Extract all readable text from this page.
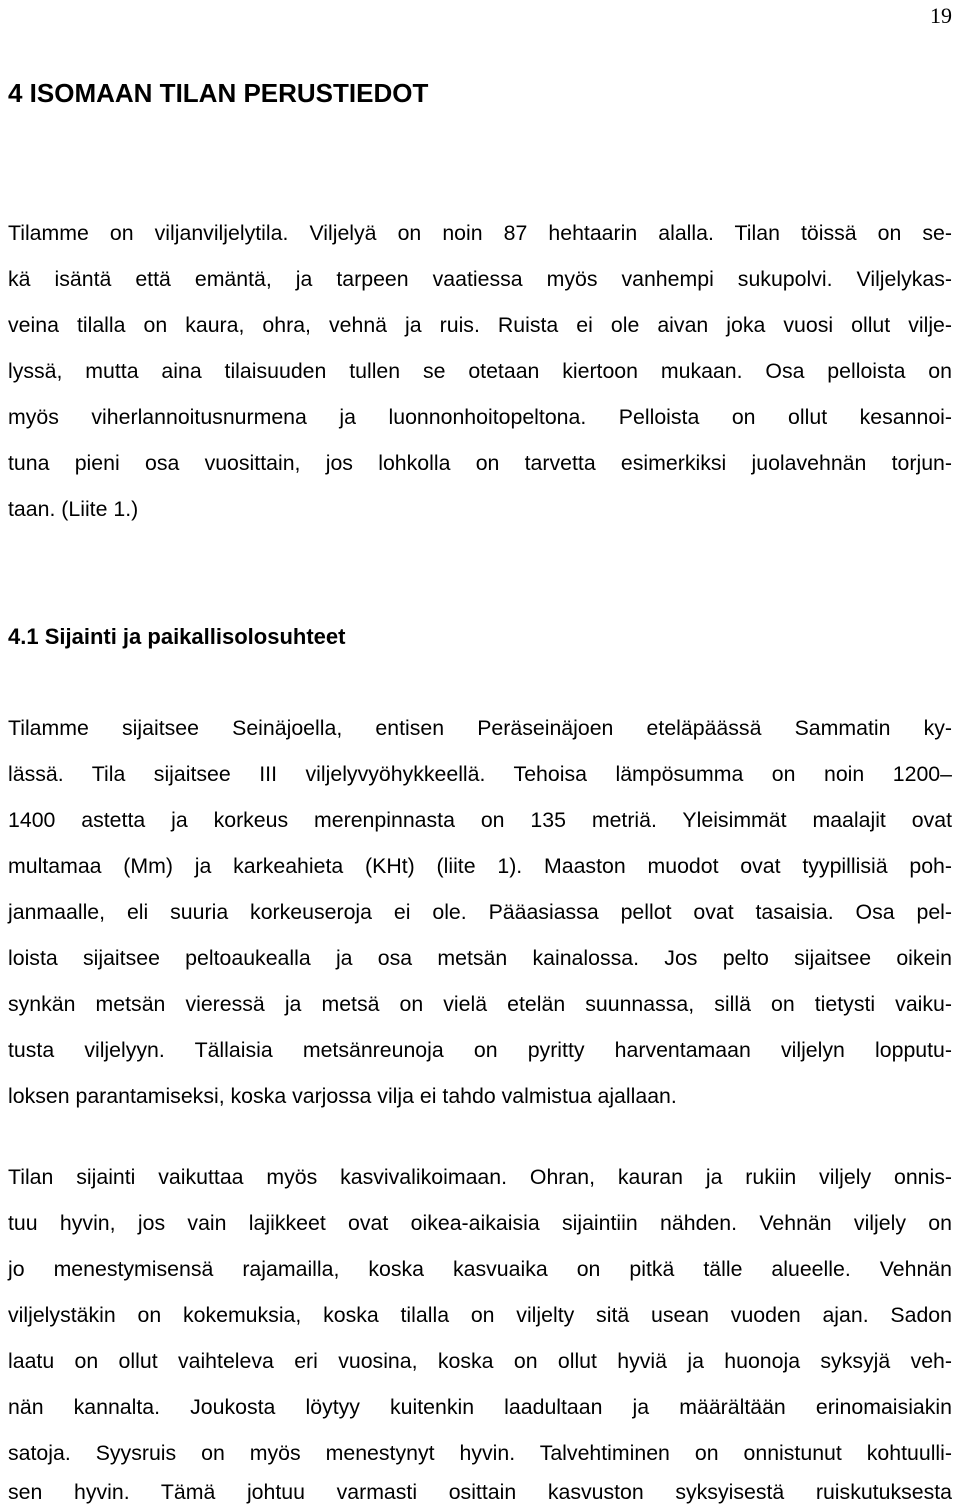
19
4 ISOMAAN TILAN PERUSTIEDOT
Tilamme on viljanviljelytila. Viljelyä on noin 87 hehtaarin alalla. Tilan töissä on se-
kä isäntä että emäntä, ja tarpeen vaatiessa myös vanhempi sukupolvi. Viljelykas-
veina tilalla on kaura, ohra, vehnä ja ruis. Ruista ei ole aivan joka vuosi ollut vilje-
lyssä, mutta aina tilaisuuden tullen se otetaan kiertoon mukaan. Osa pelloista on
myös viherlannoitusnurmena ja luonnonhoitopeltona. Pelloista on ollut kesannoi-
tuna pieni osa vuosittain, jos lohkolla on tarvetta esimerkiksi juolavehnän torjun-
taan. (Liite 1.)
4.1 Sijainti ja paikallisolosuhteet
Tilamme sijaitsee Seinäjoella, entisen Peräseinäjoen eteläpäässä Sammatin ky-
lässä. Tila sijaitsee III viljelyvyöhykkeellä. Tehoisa lämpösumma on noin 1200–
1400 astetta ja korkeus merenpinnasta on 135 metriä. Yleisimmät maalajit ovat
multamaa (Mm) ja karkeahieta (KHt) (liite 1). Maaston muodot ovat tyypillisiä poh-
janmaalle, eli suuria korkeuseroja ei ole. Pääasiassa pellot ovat tasaisia. Osa pel-
loista sijaitsee peltoaukealla ja osa metsän kainalossa. Jos pelto sijaitsee oikein
synkän metsän vieressä ja metsä on vielä etelän suunnassa, sillä on tietysti vaiku-
tusta viljelyyn. Tällaisia metsänreunoja on pyritty harventamaan viljelyn lopputu-
loksen parantamiseksi, koska varjossa vilja ei tahdo valmistua ajallaan.
Tilan sijainti vaikuttaa myös kasvivalikoimaan. Ohran, kauran ja rukiin viljely onnis-
tuu hyvin, jos vain lajikkeet ovat oikea-aikaisia sijaintiin nähden. Vehnän viljely on
jo menestymisensä rajamailla, koska kasvuaika on pitkä tälle alueelle. Vehnän
viljelystäkin on kokemuksia, koska tilalla on viljelty sitä usean vuoden ajan. Sadon
laatu on ollut vaihteleva eri vuosina, koska on ollut hyviä ja huonoja syksyjä veh-
nän kannalta. Joukosta löytyy kuitenkin laadultaan ja määrältään erinomaisiakin
satoja. Syysruis on myös menestynyt hyvin. Talvehtiminen on onnistunut kohtuulli-
sen hyvin. Tämä johtuu varmasti osittain kasvuston syksyisestä ruiskutuksesta
